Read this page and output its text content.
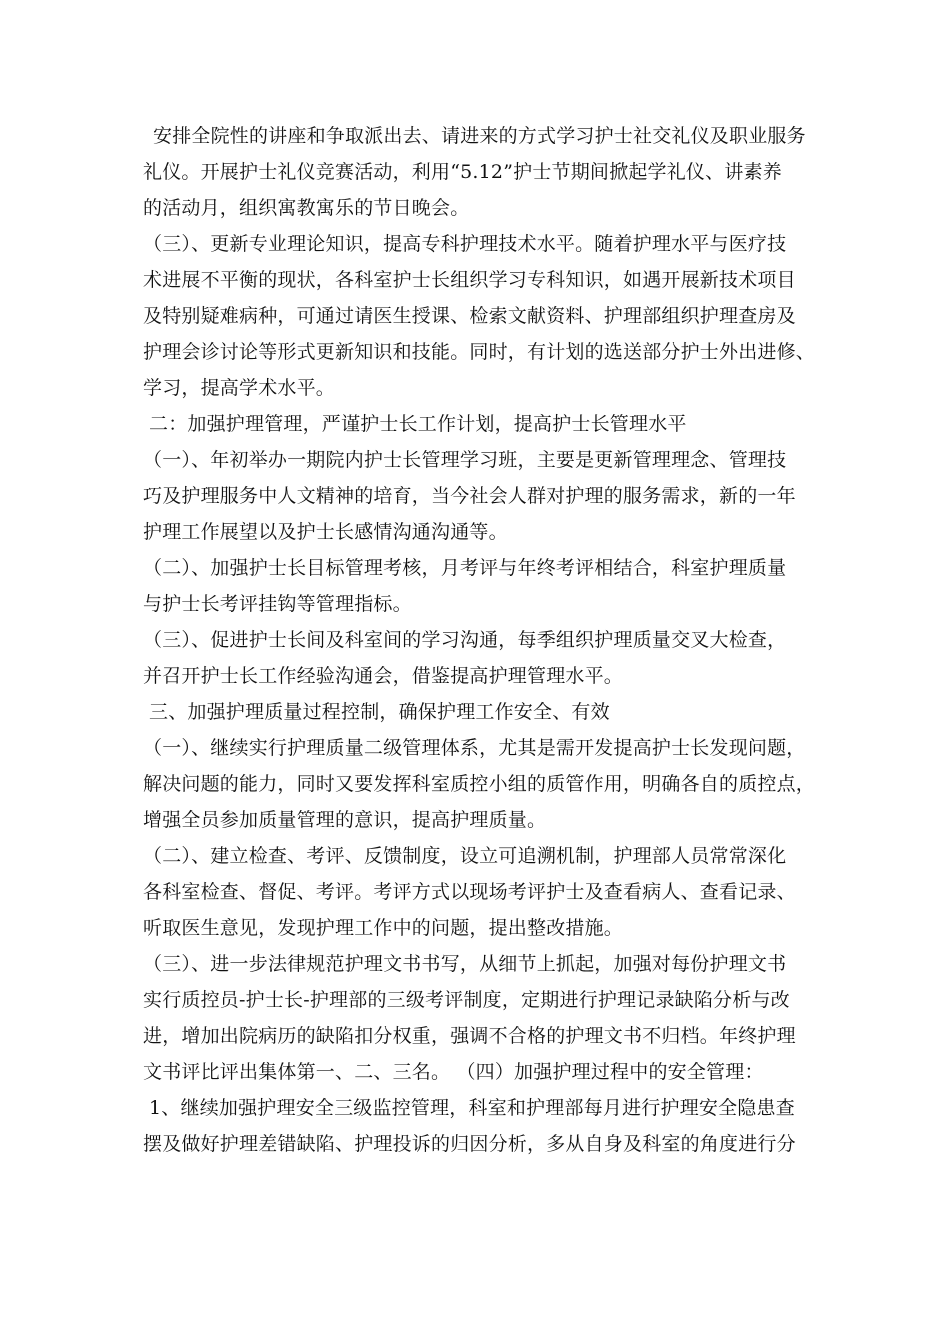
安排全院性的讲座和争取派出去、请进来的方式学习护士社交礼仪及职业服务
礼仪。开展护士礼仪竞赛活动，利用“5.12”护士节期间掀起学礼仪、讲素养
的活动月，组织寓教寓乐的节日晚会。
（三）、更新专业理论知识，提高专科护理技术水平。随着护理水平与医疗技
术进展不平衡的现状，各科室护士长组织学习专科知识，如遇开展新技术项目
及特别疑难病种，可通过请医生授课、检索文献资料、护理部组织护理查房及
护理会诊讨论等形式更新知识和技能。同时，有计划的选送部分护士外出进修、
学习，提高学术水平。
二：加强护理管理，严谨护士长工作计划，提高护士长管理水平
（一）、年初举办一期院内护士长管理学习班，主要是更新管理理念、管理技
巧及护理服务中人文精神的培育，当今社会人群对护理的服务需求，新的一年
护理工作展望以及护士长感情沟通沟通等。
（二）、加强护士长目标管理考核，月考评与年终考评相结合，科室护理质量
与护士长考评挂钩等管理指标。
（三）、促进护士长间及科室间的学习沟通，每季组织护理质量交叉大检查，
并召开护士长工作经验沟通会，借鉴提高护理管理水平。
三、加强护理质量过程控制，确保护理工作安全、有效
（一）、继续实行护理质量二级管理体系，尤其是需开发提高护士长发现问题，
解决问题的能力，同时又要发挥科室质控小组的质管作用，明确各自的质控点，
增强全员参加质量管理的意识，提高护理质量。
（二）、建立检查、考评、反馈制度，设立可追溯机制，护理部人员常常深化
各科室检查、督促、考评。考评方式以现场考评护士及查看病人、查看记录、
听取医生意见，发现护理工作中的问题，提出整改措施。
（三）、进一步法律规范护理文书书写，从细节上抓起，加强对每份护理文书
实行质控员-护士长-护理部的三级考评制度，定期进行护理记录缺陷分析与改
进，增加出院病历的缺陷扣分权重，强调不合格的护理文书不归档。年终护理
文书评比评出集体第一、二、三名。 （四）加强护理过程中的安全管理：
1、继续加强护理安全三级监控管理，科室和护理部每月进行护理安全隐患查
摆及做好护理差错缺陷、护理投诉的归因分析，多从自身及科室的角度进行分
